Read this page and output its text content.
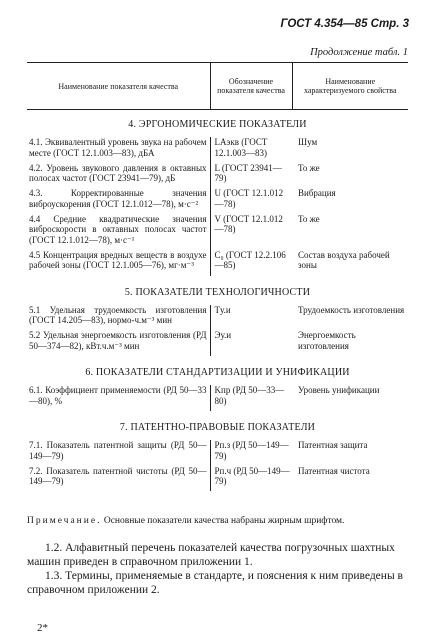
ГОСТ 4.354—85 Стр. 3
Продолжение табл. 1
Наименование показателя качества	Обозначение показателя качества	Наименование характеризуемого свойства
4. ЭРГОНОМИЧЕСКИЕ ПОКАЗАТЕЛИ		
4.1. Эквивалентный уровень звука на рабочем месте (ГОСТ 12.1.003—83), дБА	LАэкв (ГОСТ 12.1.003—83)	Шум
4.2. Уровень звукового давления в октавных полосах частот (ГОСТ 23941—79), дБ	L (ГОСТ 23941—79)	То же
4.3. Корректированные значения виброускорения (ГОСТ 12.1.012—78), м·с⁻²	U (ГОСТ 12.1.012—78)	Вибрация
4.4 Средние квадратические значения виброскорости в октавных полосах частот (ГОСТ 12.1.012—78), м·с⁻¹	V (ГОСТ 12.1.012—78)	То же
4.5 Концентрация вредных веществ в воздухе рабочей зоны (ГОСТ 12.1.005—76), мг·м⁻³	C₀ (ГОСТ 12.2.106—85)	Состав воздуха рабочей зоны
5. ПОКАЗАТЕЛИ ТЕХНОЛОГИЧНОСТИ		
5.1 Удельная трудоемкость изготовления (ГОСТ 14.205—83), нормо-ч.м⁻³ мин	Tу.и	Трудоемкость изготовления
5.2 Удельная энергоемкость изготовления (РД 50—374—82), кВт.ч.м⁻³ мин	Эу.и	Энергоемкость изготовления
6. ПОКАЗАТЕЛИ СТАНДАРТИЗАЦИИ И УНИФИКАЦИИ		
6.1. Коэффициент применяемости (РД 50—33—80), %	Kпр (РД 50—33—80)	Уровень унификации
7. ПАТЕНТНО-ПРАВОВЫЕ ПОКАЗАТЕЛИ		
7.1. Показатель патентной защиты (РД 50—149—79)	Pп.з (РД 50—149—79)	Патентная защита
7.2. Показатель патентной чистоты (РД 50—149—79)	Pп.ч (РД 50—149—79)	Патентная чистота
Примечание. Основные показатели качества набраны жирным шрифтом.
1.2. Алфавитный перечень показателей качества погрузочных шахтных машин приведен в справочном приложении 1.
1.3. Термины, применяемые в стандарте, и пояснения к ним приведены в справочном приложении 2.
2*
